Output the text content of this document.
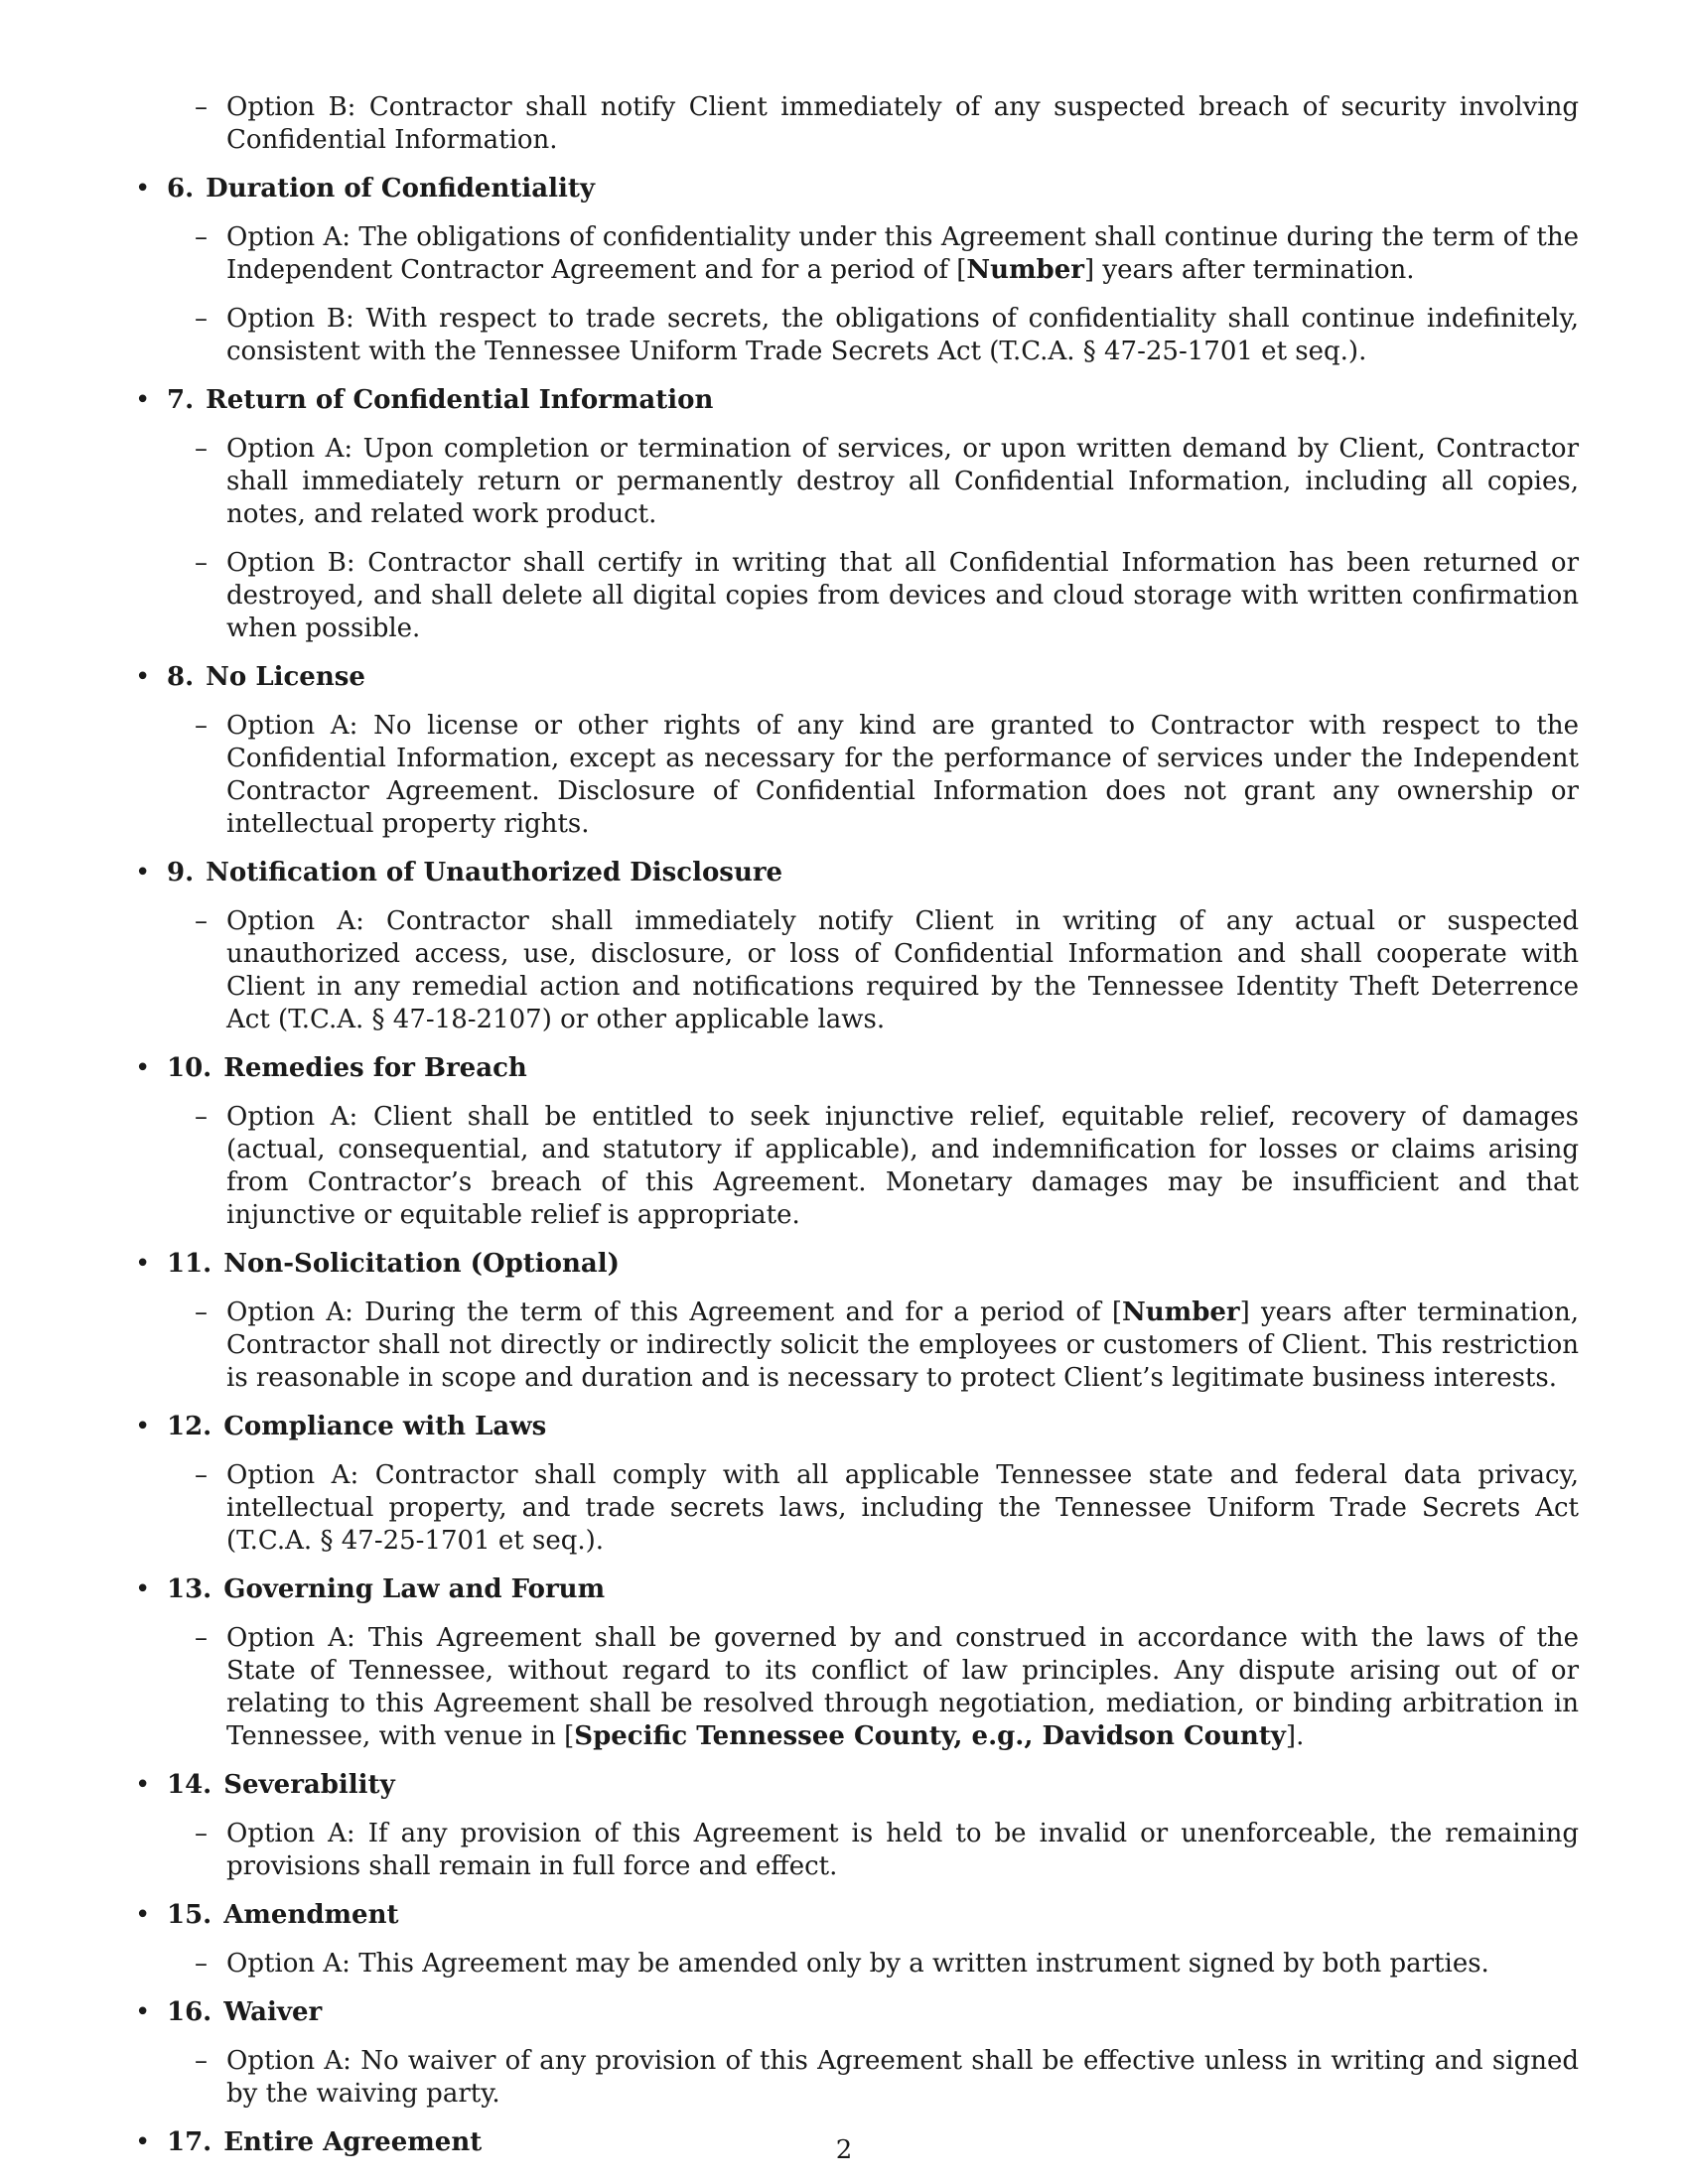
– Option B: Contractor shall notify Client immediately of any suspected breach of security involving Confidential Information.
• 6. Duration of Confidentiality
– Option A: The obligations of confidentiality under this Agreement shall continue during the term of the Independent Contractor Agreement and for a period of [Number] years after termination.
– Option B: With respect to trade secrets, the obligations of confidentiality shall continue indefinitely, consistent with the Tennessee Uniform Trade Secrets Act (T.C.A. § 47-25-1701 et seq.).
• 7. Return of Confidential Information
– Option A: Upon completion or termination of services, or upon written demand by Client, Contractor shall immediately return or permanently destroy all Confidential Information, including all copies, notes, and related work product.
– Option B: Contractor shall certify in writing that all Confidential Information has been returned or destroyed, and shall delete all digital copies from devices and cloud storage with written confirmation when possible.
• 8. No License
– Option A: No license or other rights of any kind are granted to Contractor with respect to the Confidential Information, except as necessary for the performance of services under the Independent Contractor Agreement. Disclosure of Confidential Information does not grant any ownership or intellectual property rights.
• 9. Notification of Unauthorized Disclosure
– Option A: Contractor shall immediately notify Client in writing of any actual or suspected unauthorized access, use, disclosure, or loss of Confidential Information and shall cooperate with Client in any remedial action and notifications required by the Tennessee Identity Theft Deterrence Act (T.C.A. § 47-18-2107) or other applicable laws.
• 10. Remedies for Breach
– Option A: Client shall be entitled to seek injunctive relief, equitable relief, recovery of damages (actual, consequential, and statutory if applicable), and indemnification for losses or claims arising from Contractor’s breach of this Agreement. Monetary damages may be insufficient and that injunctive or equitable relief is appropriate.
• 11. Non-Solicitation (Optional)
– Option A: During the term of this Agreement and for a period of [Number] years after termination, Contractor shall not directly or indirectly solicit the employees or customers of Client. This restriction is reasonable in scope and duration and is necessary to protect Client’s legitimate business interests.
• 12. Compliance with Laws
– Option A: Contractor shall comply with all applicable Tennessee state and federal data privacy, intellectual property, and trade secrets laws, including the Tennessee Uniform Trade Secrets Act (T.C.A. § 47-25-1701 et seq.).
• 13. Governing Law and Forum
– Option A: This Agreement shall be governed by and construed in accordance with the laws of the State of Tennessee, without regard to its conflict of law principles. Any dispute arising out of or relating to this Agreement shall be resolved through negotiation, mediation, or binding arbitration in Tennessee, with venue in [Specific Tennessee County, e.g., Davidson County].
• 14. Severability
– Option A: If any provision of this Agreement is held to be invalid or unenforceable, the remaining provisions shall remain in full force and effect.
• 15. Amendment
– Option A: This Agreement may be amended only by a written instrument signed by both parties.
• 16. Waiver
– Option A: No waiver of any provision of this Agreement shall be effective unless in writing and signed by the waiving party.
• 17. Entire Agreement	2
